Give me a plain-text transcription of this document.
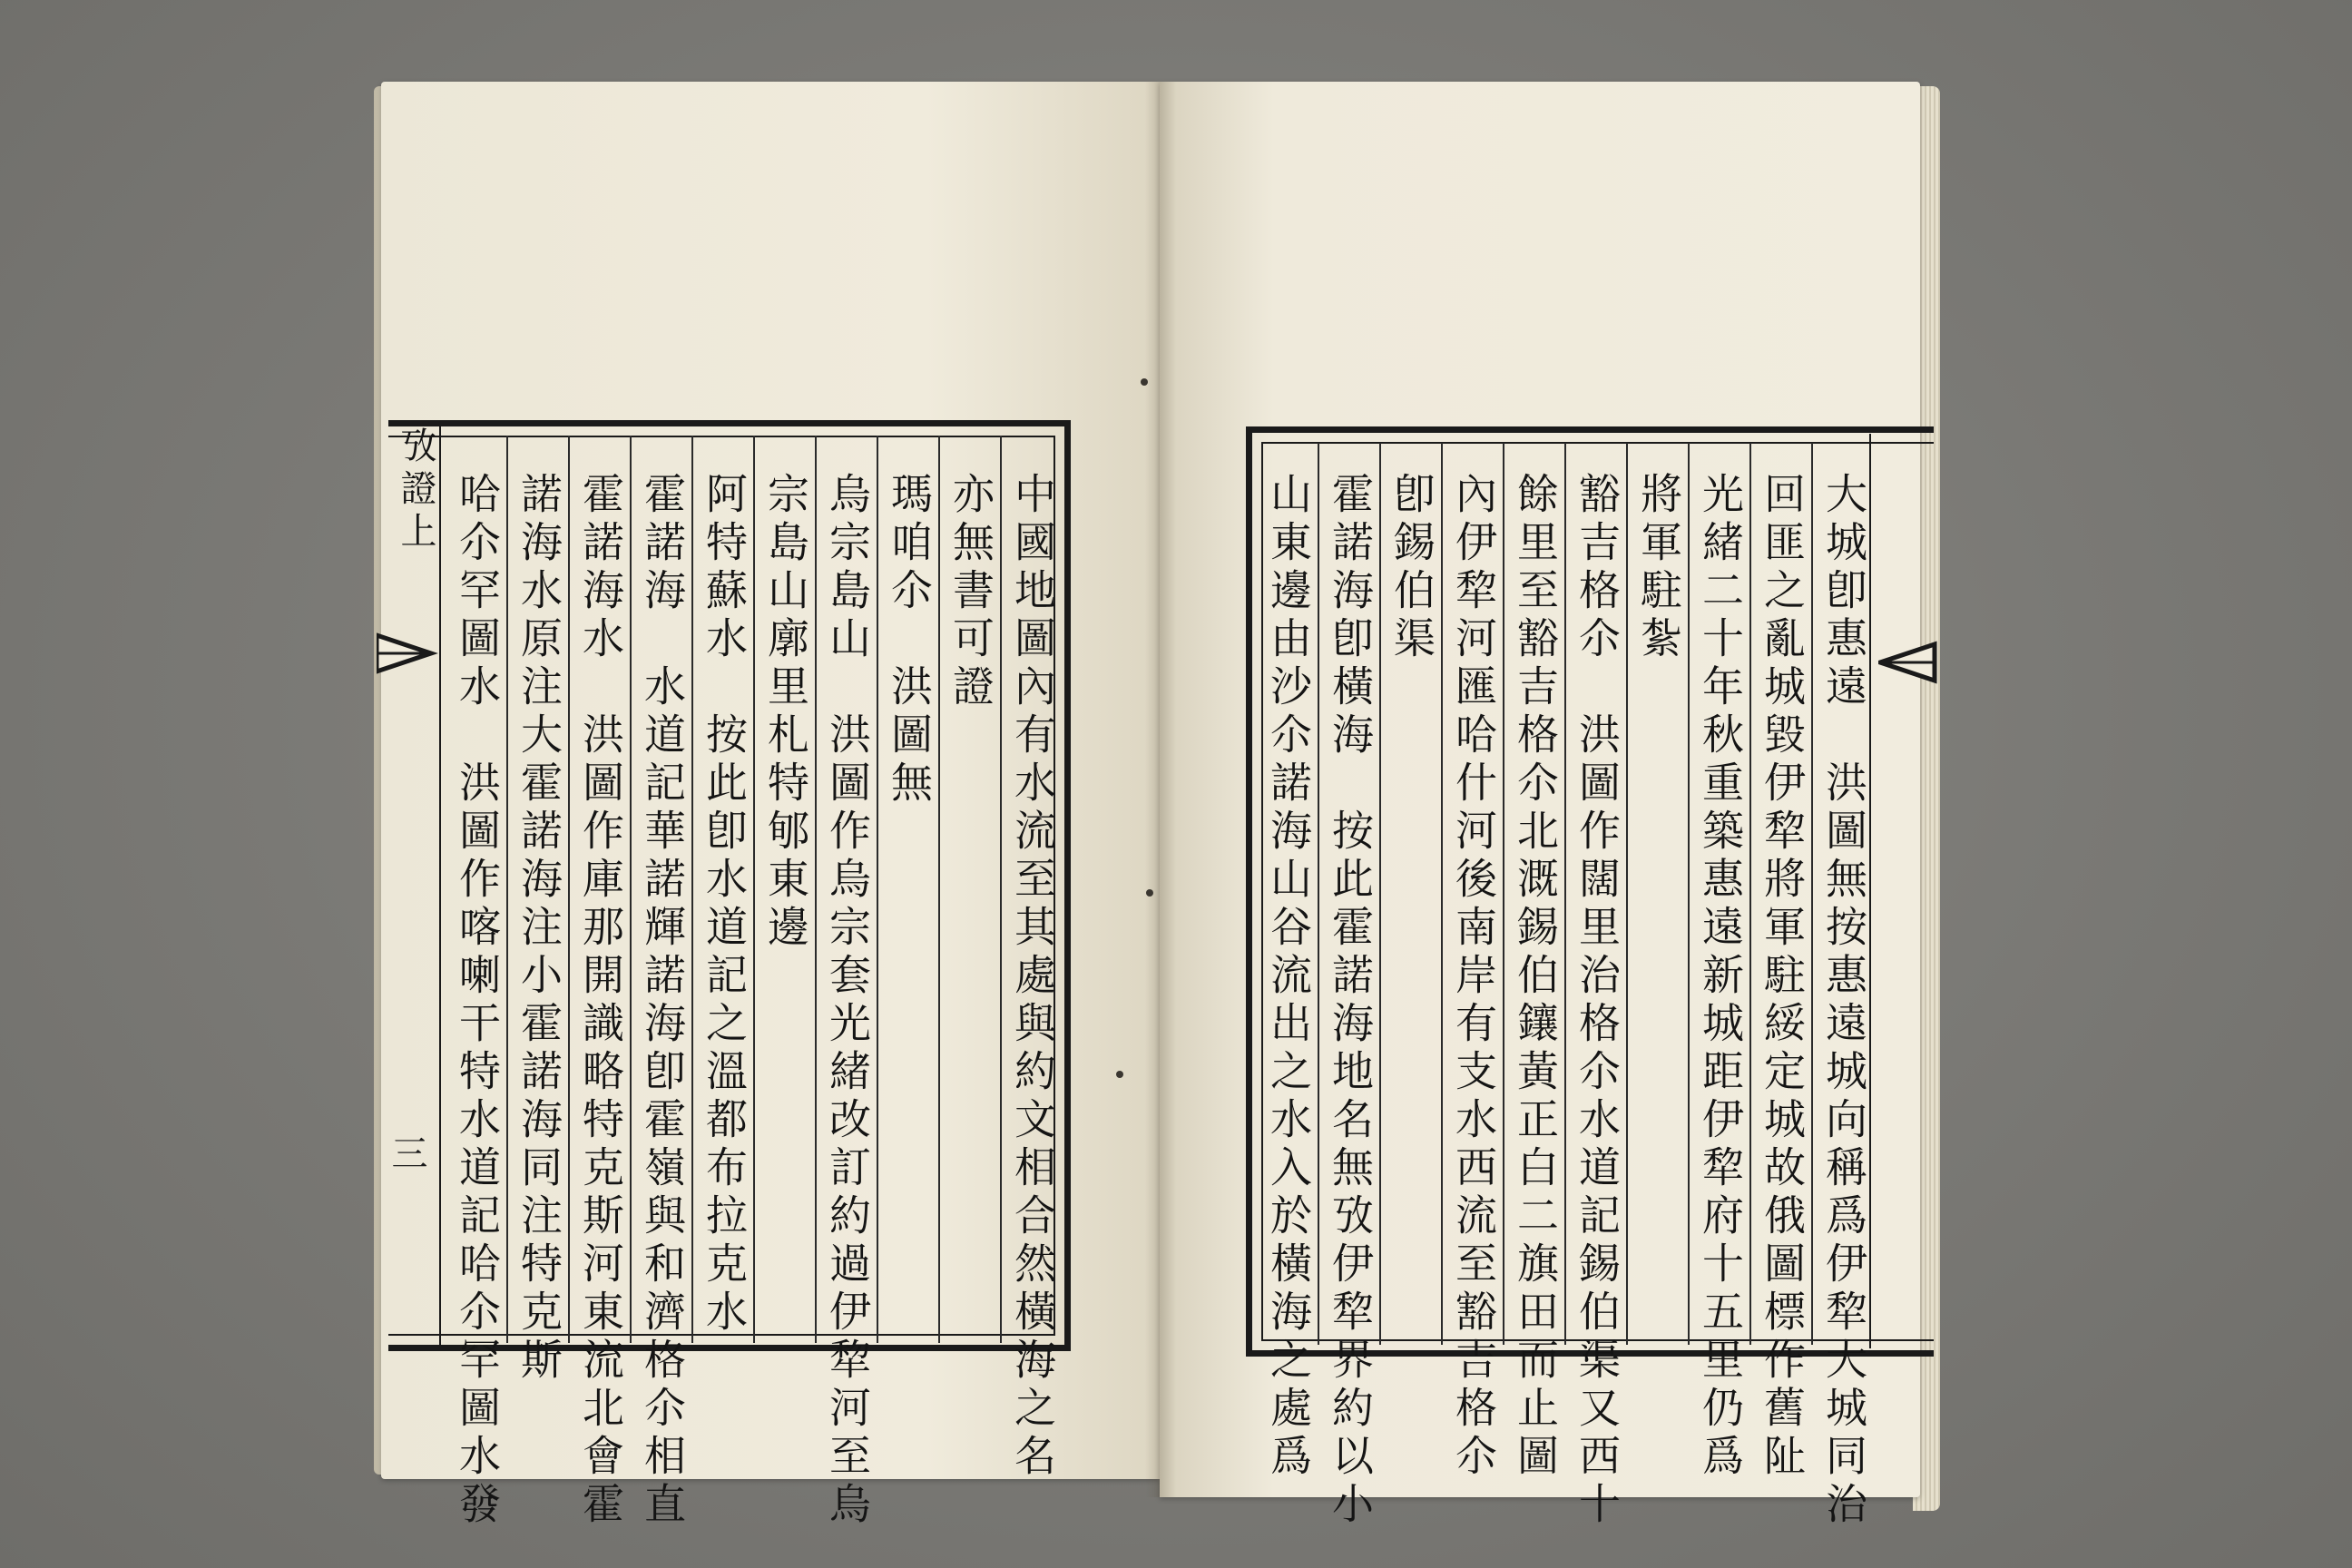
攷證上
三	中國地圖內有水流至其處與約文相合然橫海之名
亦無書可證
瑪咱尒　洪圖無
烏宗島山　洪圖作烏宗套光緒改訂約過伊犂河至烏
宗島山廓里札特郇東邊
阿特蘇水　按此卽水道記之溫都布拉克水
霍諾海　水道記華諾輝諾海卽霍嶺與和濟格尒相直
霍諾海水　洪圖作庫那開識略特克斯河東流北會霍
諾海水原注大霍諾海注小霍諾海同注特克斯
哈尒罕圖水　洪圖作喀喇干特水道記哈尒罕圖水發	大城卽惠遠　洪圖無按惠遠城向稱爲伊犂大城同治
回匪之亂城毀伊犂將軍駐綏定城故俄圖標作舊阯
光緒二十年秋重築惠遠新城距伊犂府十五里仍爲
將軍駐紮
豁吉格尒　洪圖作闊里治格尒水道記錫伯渠又西十
餘里至豁吉格尒北溉錫伯鑲黃正白二旗田而止圖
內伊犂河匯哈什河後南岸有支水西流至豁吉格尒
卽錫伯渠
霍諾海卽橫海　按此霍諾海地名無攷伊犂界約以小
山東邊由沙尒諾海山谷流出之水入於橫海之處爲
